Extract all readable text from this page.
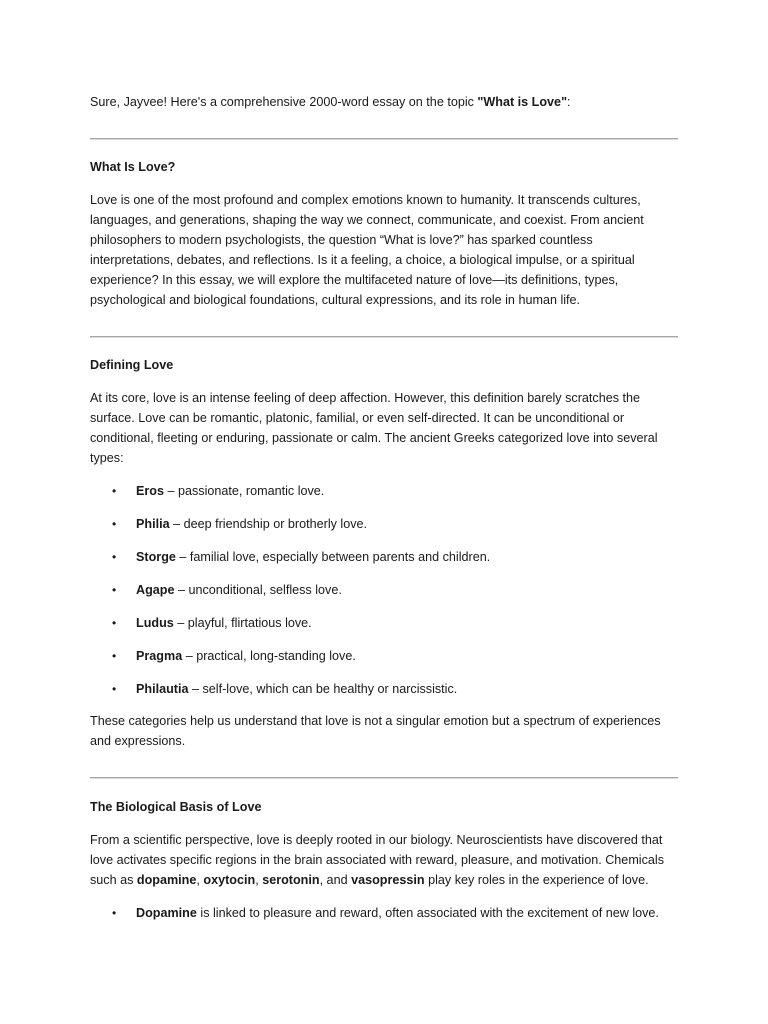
Sure, Jayvee! Here's a comprehensive 2000-word essay on the topic "What is Love":

What Is Love?

Love is one of the most profound and complex emotions known to humanity. It transcends cultures,
languages, and generations, shaping the way we connect, communicate, and coexist. From ancient
philosophers to modern psychologists, the question “What is love?” has sparked countless
interpretations, debates, and reflections. Is it a feeling, a choice, a biological impulse, or a spiritual
experience? In this essay, we will explore the multifaceted nature of love—its definitions, types,
psychological and biological foundations, cultural expressions, and its role in human life.

Defining Love

At its core, love is an intense feeling of deep affection. However, this definition barely scratches the
surface. Love can be romantic, platonic, familial, or even self-directed. It can be unconditional or
conditional, fleeting or enduring, passionate or calm. The ancient Greeks categorized love into several
types:

• Eros – passionate, romantic love.
• Philia – deep friendship or brotherly love.
• Storge – familial love, especially between parents and children.
• Agape – unconditional, selfless love.
• Ludus – playful, flirtatious love.
• Pragma – practical, long-standing love.
• Philautia – self-love, which can be healthy or narcissistic.

These categories help us understand that love is not a singular emotion but a spectrum of experiences
and expressions.

The Biological Basis of Love

From a scientific perspective, love is deeply rooted in our biology. Neuroscientists have discovered that
love activates specific regions in the brain associated with reward, pleasure, and motivation. Chemicals
such as dopamine, oxytocin, serotonin, and vasopressin play key roles in the experience of love.

• Dopamine is linked to pleasure and reward, often associated with the excitement of new love.
